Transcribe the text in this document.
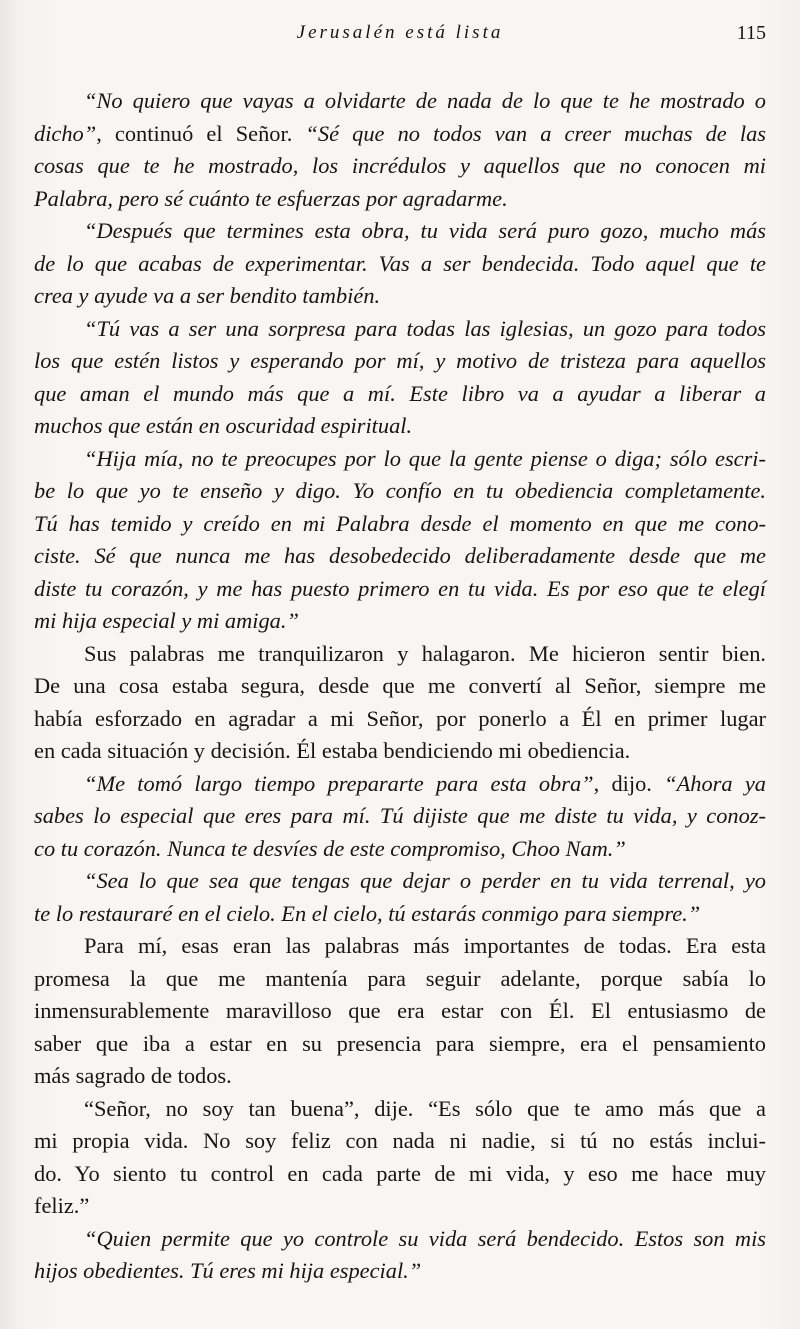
Jerusalén está lista	115
“No quiero que vayas a olvidarte de nada de lo que te he mostrado o
dicho”, continuó el Señor. “Sé que no todos van a creer muchas de las
cosas que te he mostrado, los incrédulos y aquellos que no conocen mi
Palabra, pero sé cuánto te esfuerzas por agradarme.
“Después que termines esta obra, tu vida será puro gozo, mucho más
de lo que acabas de experimentar. Vas a ser bendecida. Todo aquel que te
crea y ayude va a ser bendito también.
“Tú vas a ser una sorpresa para todas las iglesias, un gozo para todos
los que estén listos y esperando por mí, y motivo de tristeza para aquellos
que aman el mundo más que a mí. Este libro va a ayudar a liberar a
muchos que están en oscuridad espiritual.
“Hija mía, no te preocupes por lo que la gente piense o diga; sólo escri-
be lo que yo te enseño y digo. Yo confío en tu obediencia completamente.
Tú has temido y creído en mi Palabra desde el momento en que me cono-
ciste. Sé que nunca me has desobedecido deliberadamente desde que me
diste tu corazón, y me has puesto primero en tu vida. Es por eso que te elegí
mi hija especial y mi amiga.”
Sus palabras me tranquilizaron y halagaron. Me hicieron sentir bien.
De una cosa estaba segura, desde que me convertí al Señor, siempre me
había esforzado en agradar a mi Señor, por ponerlo a Él en primer lugar
en cada situación y decisión. Él estaba bendiciendo mi obediencia.
“Me tomó largo tiempo prepararte para esta obra”, dijo. “Ahora ya
sabes lo especial que eres para mí. Tú dijiste que me diste tu vida, y conoz-
co tu corazón. Nunca te desvíes de este compromiso, Choo Nam.”
“Sea lo que sea que tengas que dejar o perder en tu vida terrenal, yo
te lo restauraré en el cielo. En el cielo, tú estarás conmigo para siempre.”
Para mí, esas eran las palabras más importantes de todas. Era esta
promesa la que me mantenía para seguir adelante, porque sabía lo
inmensurablemente maravilloso que era estar con Él. El entusiasmo de
saber que iba a estar en su presencia para siempre, era el pensamiento
más sagrado de todos.
“Señor, no soy tan buena”, dije. “Es sólo que te amo más que a
mi propia vida. No soy feliz con nada ni nadie, si tú no estás inclui-
do. Yo siento tu control en cada parte de mi vida, y eso me hace muy
feliz.”
“Quien permite que yo controle su vida será bendecido. Estos son mis
hijos obedientes. Tú eres mi hija especial.”
